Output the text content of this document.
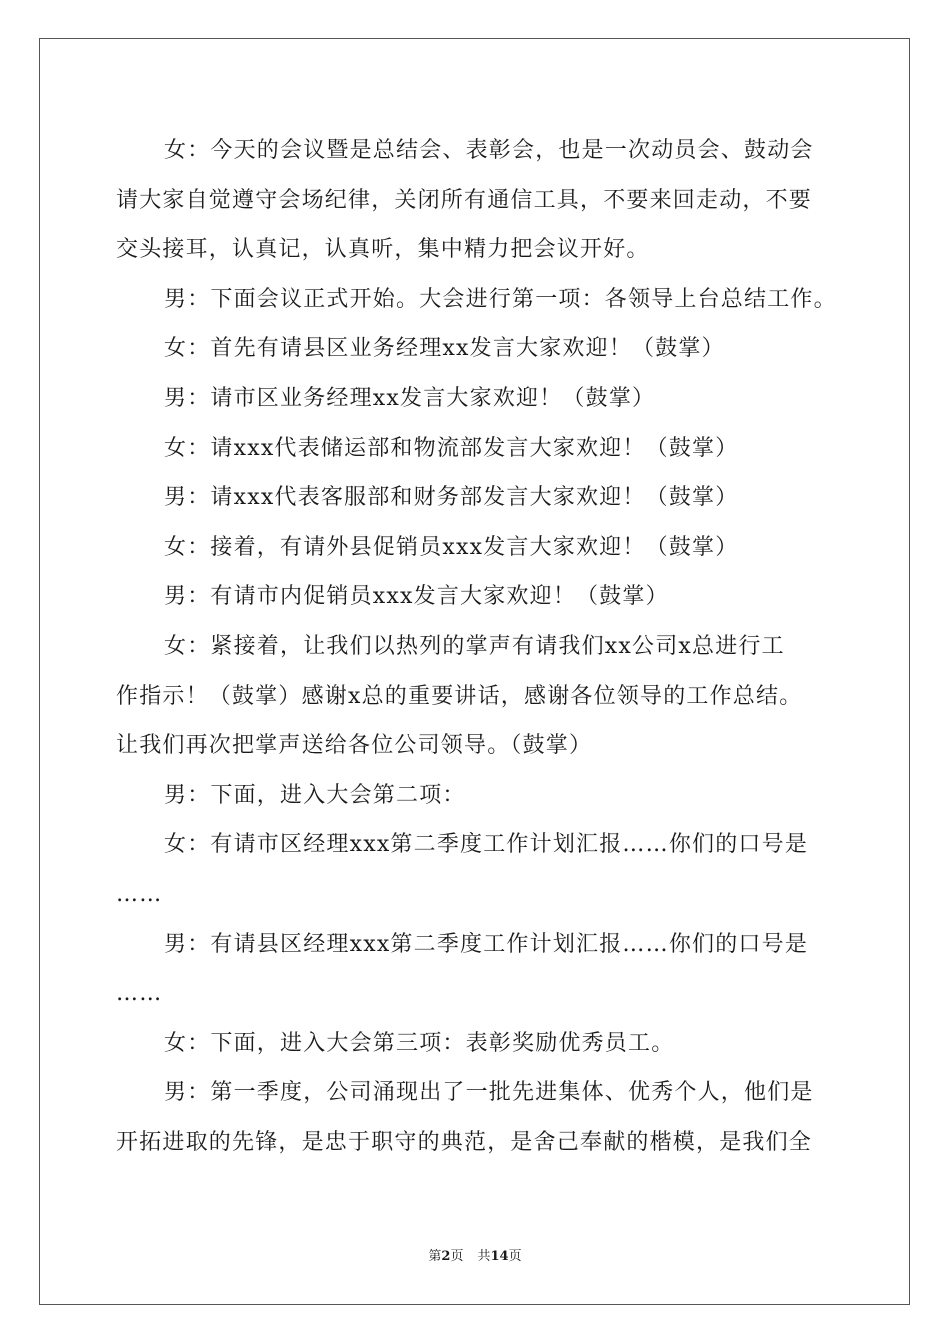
女：今天的会议暨是总结会、表彰会，也是一次动员会、鼓动会
请大家自觉遵守会场纪律，关闭所有通信工具，不要来回走动，不要
交头接耳，认真记，认真听，集中精力把会议开好。
男：下面会议正式开始。大会进行第一项：各领导上台总结工作。
女：首先有请县区业务经理xx发言大家欢迎！（鼓掌）
男：请市区业务经理xx发言大家欢迎！（鼓掌）
女：请xxx代表储运部和物流部发言大家欢迎！（鼓掌）
男：请xxx代表客服部和财务部发言大家欢迎！（鼓掌）
女：接着，有请外县促销员xxx发言大家欢迎！（鼓掌）
男：有请市内促销员xxx发言大家欢迎！（鼓掌）
女：紧接着，让我们以热列的掌声有请我们xx公司x总进行工
作指示！（鼓掌）感谢x总的重要讲话，感谢各位领导的工作总结。
让我们再次把掌声送给各位公司领导。（鼓掌）
男：下面，进入大会第二项：
女：有请市区经理xxx第二季度工作计划汇报……你们的口号是
……
男：有请县区经理xxx第二季度工作计划汇报……你们的口号是
……
女：下面，进入大会第三项：表彰奖励优秀员工。
男：第一季度，公司涌现出了一批先进集体、优秀个人，他们是
开拓进取的先锋，是忠于职守的典范，是舍己奉献的楷模，是我们全
第2页 共14页
